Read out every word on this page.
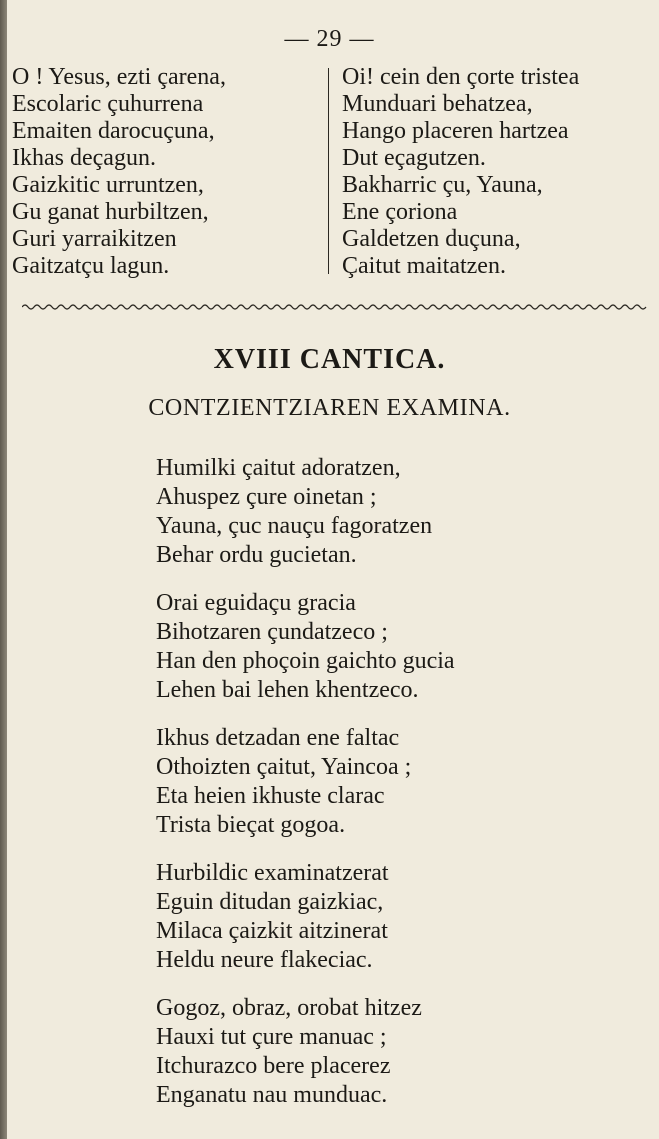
— 29 —
O ! Yesus, ezti çarena,
Escolaric çuhurrena
Emaiten darocuçuna,
Ikhas deçagun.
Gaizkitic urruntzen,
Gu ganat hurbiltzen,
Guri yarraikitzen
Gaitzatçu lagun.
Oi! cein den çorte tristea
Munduari behatzea,
Hango placeren hartzea
Dut eçagutzen.
Bakharric çu, Yauna,
Ene çoriona
Galdetzen duçuna,
Çaitut maitatzen.
XVIII CANTICA.
CONTZIENTZIAREN EXAMINA.
Humilki çaitut adoratzen,
Ahuspez çure oinetan ;
Yauna, çuc nauçu fagoratzen
Behar ordu gucietan.
Orai eguidaçu gracia
Bihotzaren çundatzeco ;
Han den phoçoin gaichto gucia
Lehen bai lehen khentzeco.
Ikhus detzadan ene faltac
Othoizten çaitut, Yaincoa ;
Eta heien ikhuste clarac
Trista bieçat gogoa.
Hurbildic examinatzerat
Eguin ditudan gaizkiac,
Milaca çaizkit aitzinerat
Heldu neure flakeciac.
Gogoz, obraz, orobat hitzez
Hauxi tut çure manuac ;
Itchurazco bere placerez
Enganatu nau munduac.
